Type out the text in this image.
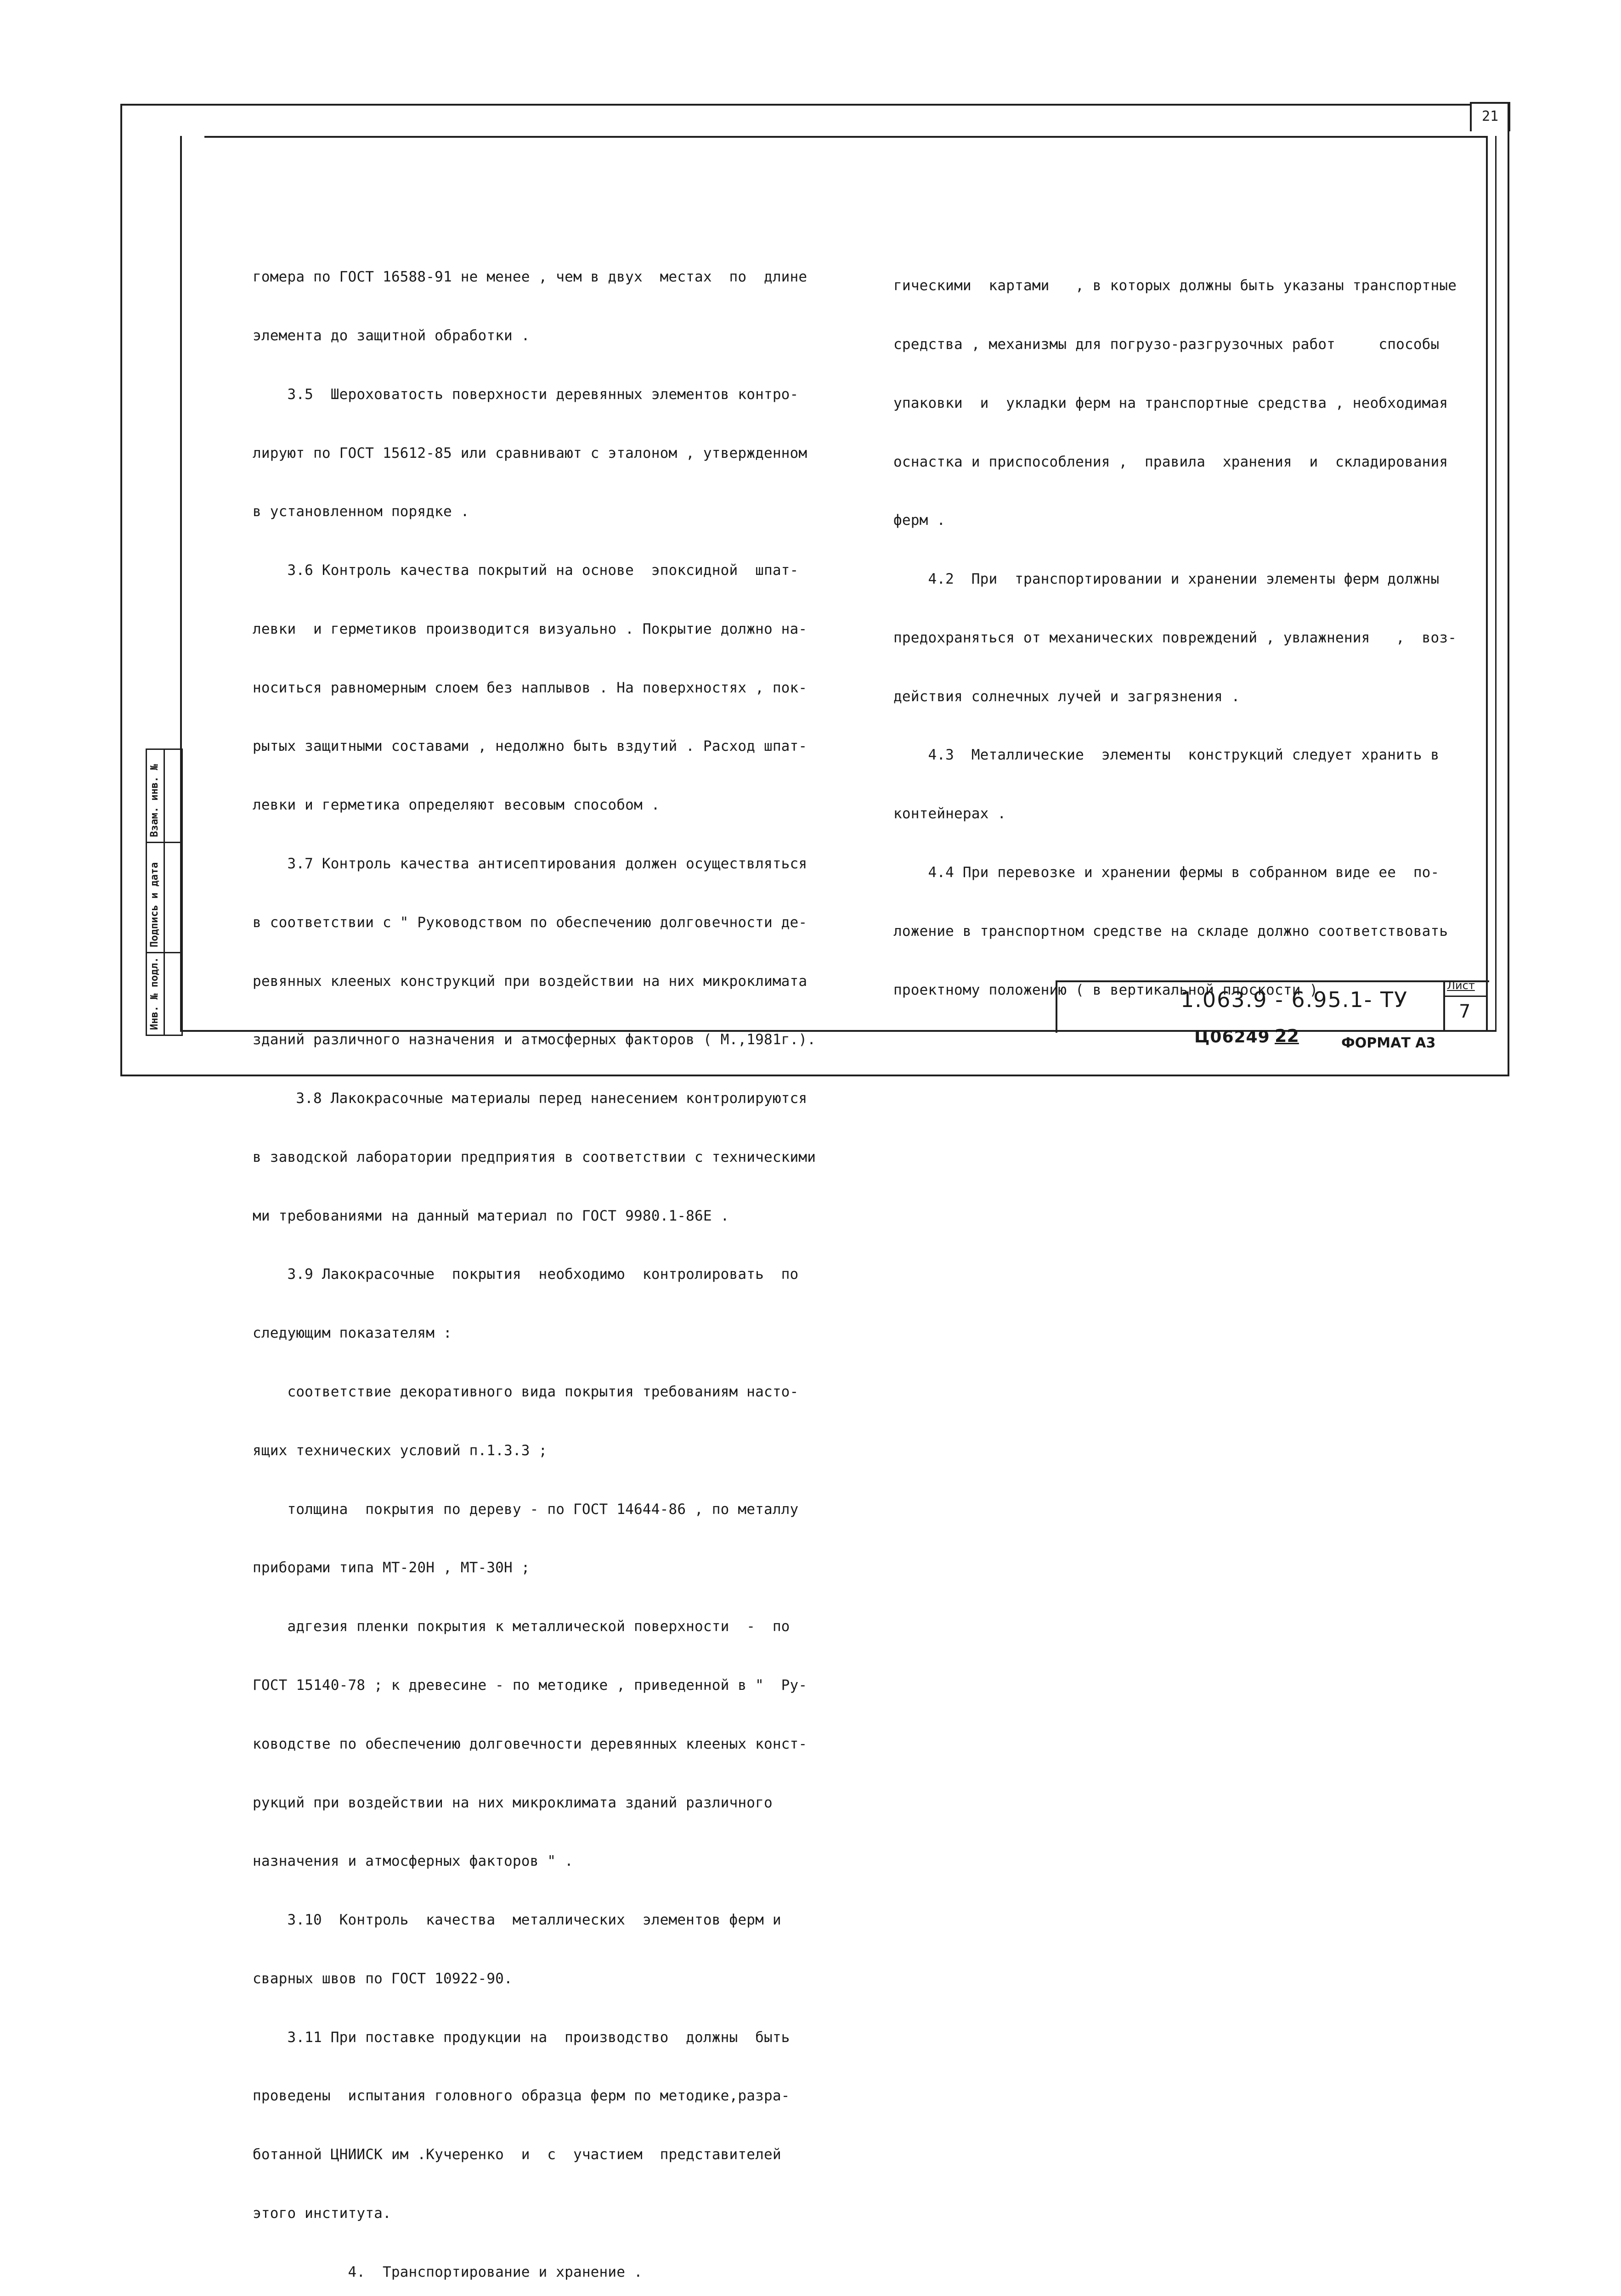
21

гомера по ГОСТ 16588-91 не менее , чем в двух  местах  по  длине

элемента до защитной обработки .

3.5  Шероховатость поверхности деревянных элементов контро-

лируют по ГОСТ 15612-85 или сравнивают с эталоном , утвержденном

в установленном порядке .

3.6 Контроль качества покрытий на основе  эпоксидной  шпат-

левки  и герметиков производится визуально . Покрытие должно на-

носиться равномерным слоем без наплывов . На поверхностях , пок-

рытых защитными составами , недолжно быть вздутий . Расход шпат-

левки и герметика определяют весовым способом .

3.7 Контроль качества антисептирования должен осуществляться

в соответствии с " Руководством по обеспечению долговечности де-

ревянных клееных конструкций при воздействии на них микроклимата

зданий различного назначения и атмосферных факторов ( М.,1981г.).

3.8 Лакокрасочные материалы перед нанесением контролируются

в заводской лаборатории предприятия в соответствии с техническими

ми требованиями на данный материал по ГОСТ 9980.1-86Е .

3.9 Лакокрасочные  покрытия  необходимо  контролировать  по

следующим показателям :

соответствие декоративного вида покрытия требованиям насто-

ящих технических условий п.1.3.3 ;

толщина  покрытия по дереву - по ГОСТ 14644-86 , по металлу

приборами типа МТ-20Н , МТ-30Н ;

адгезия пленки покрытия к металлической поверхности  -  по

ГОСТ 15140-78 ; к древесине - по методике , приведенной в "  Ру-

ководстве по обеспечению долговечности деревянных клееных конст-

рукций при воздействии на них микроклимата зданий различного

назначения и атмосферных факторов " .

3.10  Контроль  качества  металлических  элементов ферм и

сварных швов по ГОСТ 10922-90.

3.11 При поставке продукции на  производство  должны  быть

проведены  испытания головного образца ферм по методике,разра-

ботанной ЦНИИСК им .Кучеренко  и  с  участием  представителей

этого института.

4.  Транспортирование и хранение .

гическими  картами   , в которых должны быть указаны транспортные

средства , механизмы для погрузо-разгрузочных работ     способы

упаковки  и  укладки ферм на транспортные средства , необходимая

оснастка и приспособления ,  правила  хранения  и  складирования

ферм .

4.2  При  транспортировании и хранении элементы ферм должны

предохраняться от механических повреждений , увлажнения   ,  воз-

действия солнечных лучей и загрязнения .

4.3  Металлические  элементы  конструкций следует хранить в

контейнерах .

4.4 При перевозке и хранении фермы в собранном виде ее  по-

ложение в транспортном средстве на складе должно соответствовать

проектному положению ( в вертикальной плоскости ) .

Взам. инв. №
Подпись и дата
Инв. № подл.	1.063.9 - 6.95.1- ТУ
Лист
7
Ц06249 22	ФОРМАТ А3
